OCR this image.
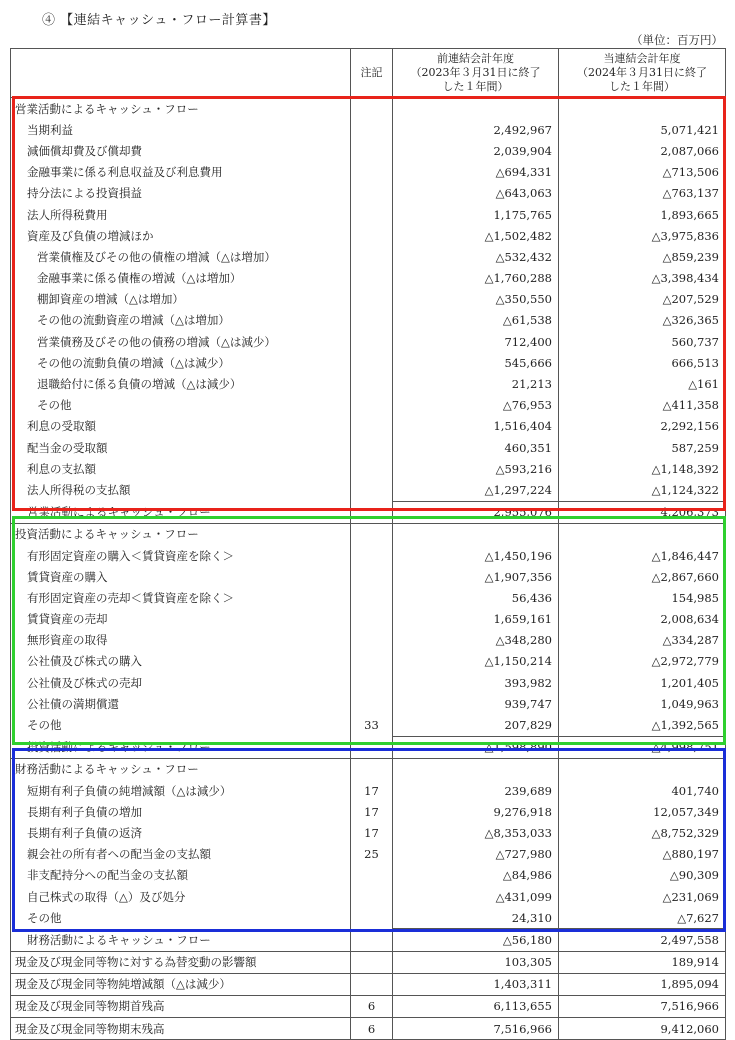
④ 【連結キャッシュ・フロー計算書】
（単位：百万円）
	注記	前連結会計年度
（2023年３月31日に終了
した１年間）	当連結会計年度
（2024年３月31日に終了
した１年間）
営業活動によるキャッシュ・フロー			
当期利益		2,492,967	5,071,421
減価償却費及び償却費		2,039,904	2,087,066
金融事業に係る利息収益及び利息費用		△694,331	△713,506
持分法による投資損益		△643,063	△763,137
法人所得税費用		1,175,765	1,893,665
資産及び負債の増減ほか		△1,502,482	△3,975,836
営業債権及びその他の債権の増減（△は増加）		△532,432	△859,239
金融事業に係る債権の増減（△は増加）		△1,760,288	△3,398,434
棚卸資産の増減（△は増加）		△350,550	△207,529
その他の流動資産の増減（△は増加）		△61,538	△326,365
営業債務及びその他の債務の増減（△は減少）		712,400	560,737
その他の流動負債の増減（△は減少）		545,666	666,513
退職給付に係る負債の増減（△は減少）		21,213	△161
その他		△76,953	△411,358
利息の受取額		1,516,404	2,292,156
配当金の受取額		460,351	587,259
利息の支払額		△593,216	△1,148,392
法人所得税の支払額		△1,297,224	△1,124,322
営業活動によるキャッシュ・フロー		2,955,076	4,206,373
投資活動によるキャッシュ・フロー			
有形固定資産の購入＜賃貸資産を除く＞		△1,450,196	△1,846,447
賃貸資産の購入		△1,907,356	△2,867,660
有形固定資産の売却＜賃貸資産を除く＞		56,436	154,985
賃貸資産の売却		1,659,161	2,008,634
無形資産の取得		△348,280	△334,287
公社債及び株式の購入		△1,150,214	△2,972,779
公社債及び株式の売却		393,982	1,201,405
公社債の満期償還		939,747	1,049,963
その他	33	207,829	△1,392,565
投資活動によるキャッシュ・フロー		△1,598,890	△4,998,751
財務活動によるキャッシュ・フロー			
短期有利子負債の純増減額（△は減少）	17	239,689	401,740
長期有利子負債の増加	17	9,276,918	12,057,349
長期有利子負債の返済	17	△8,353,033	△8,752,329
親会社の所有者への配当金の支払額	25	△727,980	△880,197
非支配持分への配当金の支払額		△84,986	△90,309
自己株式の取得（△）及び処分		△431,099	△231,069
その他		24,310	△7,627
財務活動によるキャッシュ・フロー		△56,180	2,497,558
現金及び現金同等物に対する為替変動の影響額		103,305	189,914
現金及び現金同等物純増減額（△は減少）		1,403,311	1,895,094
現金及び現金同等物期首残高	6	6,113,655	7,516,966
現金及び現金同等物期末残高	6	7,516,966	9,412,060
